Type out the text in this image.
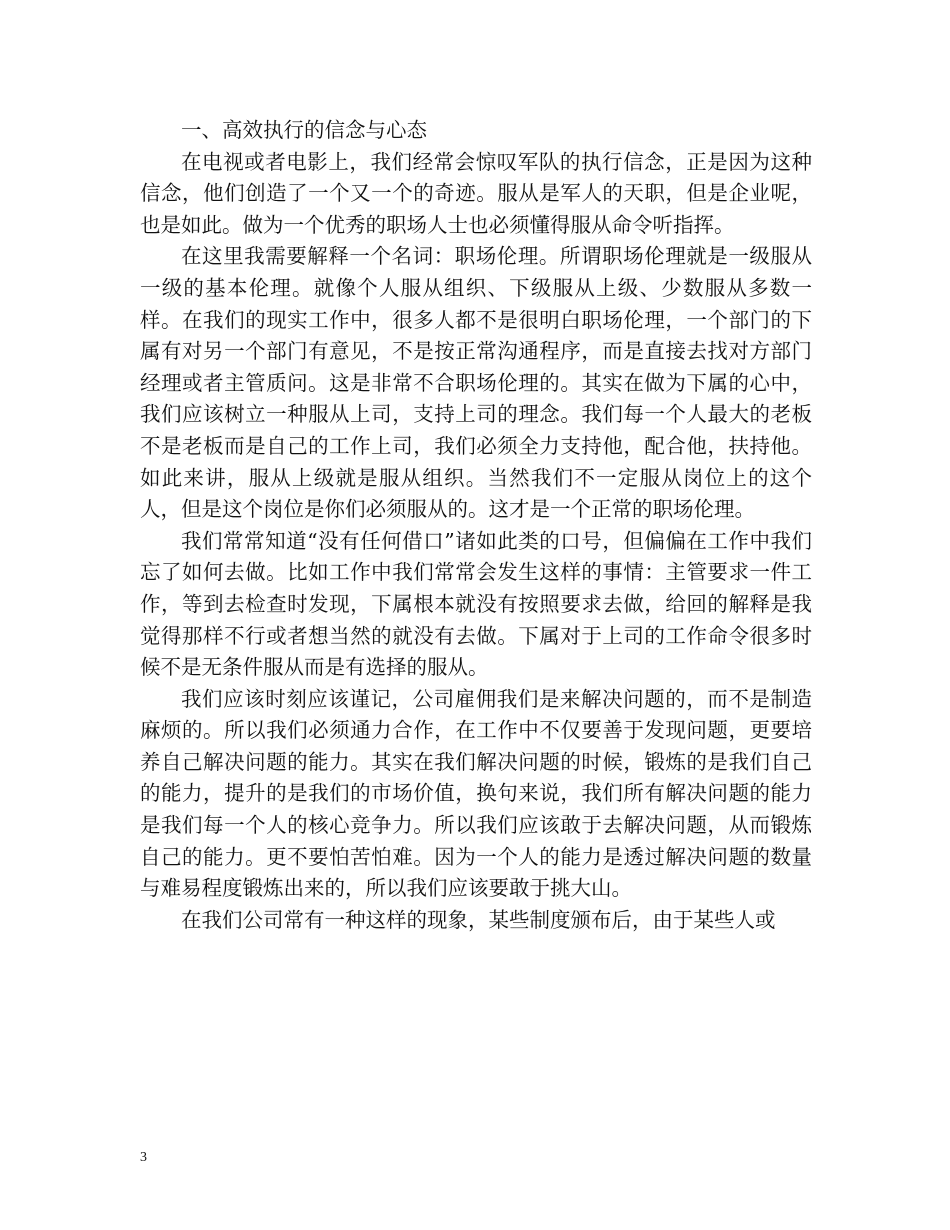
一、高效执行的信念与心态

在电视或者电影上，我们经常会惊叹军队的执行信念，正是因为这种信念，他们创造了一个又一个的奇迹。服从是军人的天职，但是企业呢，也是如此。做为一个优秀的职场人士也必须懂得服从命令听指挥。

在这里我需要解释一个名词：职场伦理。所谓职场伦理就是一级服从一级的基本伦理。就像个人服从组织、下级服从上级、少数服从多数一样。在我们的现实工作中，很多人都不是很明白职场伦理，一个部门的下属有对另一个部门有意见，不是按正常沟通程序，而是直接去找对方部门经理或者主管质问。这是非常不合职场伦理的。其实在做为下属的心中，我们应该树立一种服从上司，支持上司的理念。我们每一个人最大的老板不是老板而是自己的工作上司，我们必须全力支持他，配合他，扶持他。如此来讲，服从上级就是服从组织。当然我们不一定服从岗位上的这个人，但是这个岗位是你们必须服从的。这才是一个正常的职场伦理。

我们常常知道“没有任何借口”诸如此类的口号，但偏偏在工作中我们忘了如何去做。比如工作中我们常常会发生这样的事情：主管要求一件工作，等到去检查时发现，下属根本就没有按照要求去做，给回的解释是我觉得那样不行或者想当然的就没有去做。下属对于上司的工作命令很多时候不是无条件服从而是有选择的服从。

我们应该时刻应该谨记，公司雇佣我们是来解决问题的，而不是制造麻烦的。所以我们必须通力合作，在工作中不仅要善于发现问题，更要培养自己解决问题的能力。其实在我们解决问题的时候，锻炼的是我们自己的能力，提升的是我们的市场价值，换句来说，我们所有解决问题的能力是我们每一个人的核心竞争力。所以我们应该敢于去解决问题，从而锻炼自己的能力。更不要怕苦怕难。因为一个人的能力是透过解决问题的数量与难易程度锻炼出来的，所以我们应该要敢于挑大山。

在我们公司常有一种这样的现象，某些制度颁布后，由于某些人或

3
